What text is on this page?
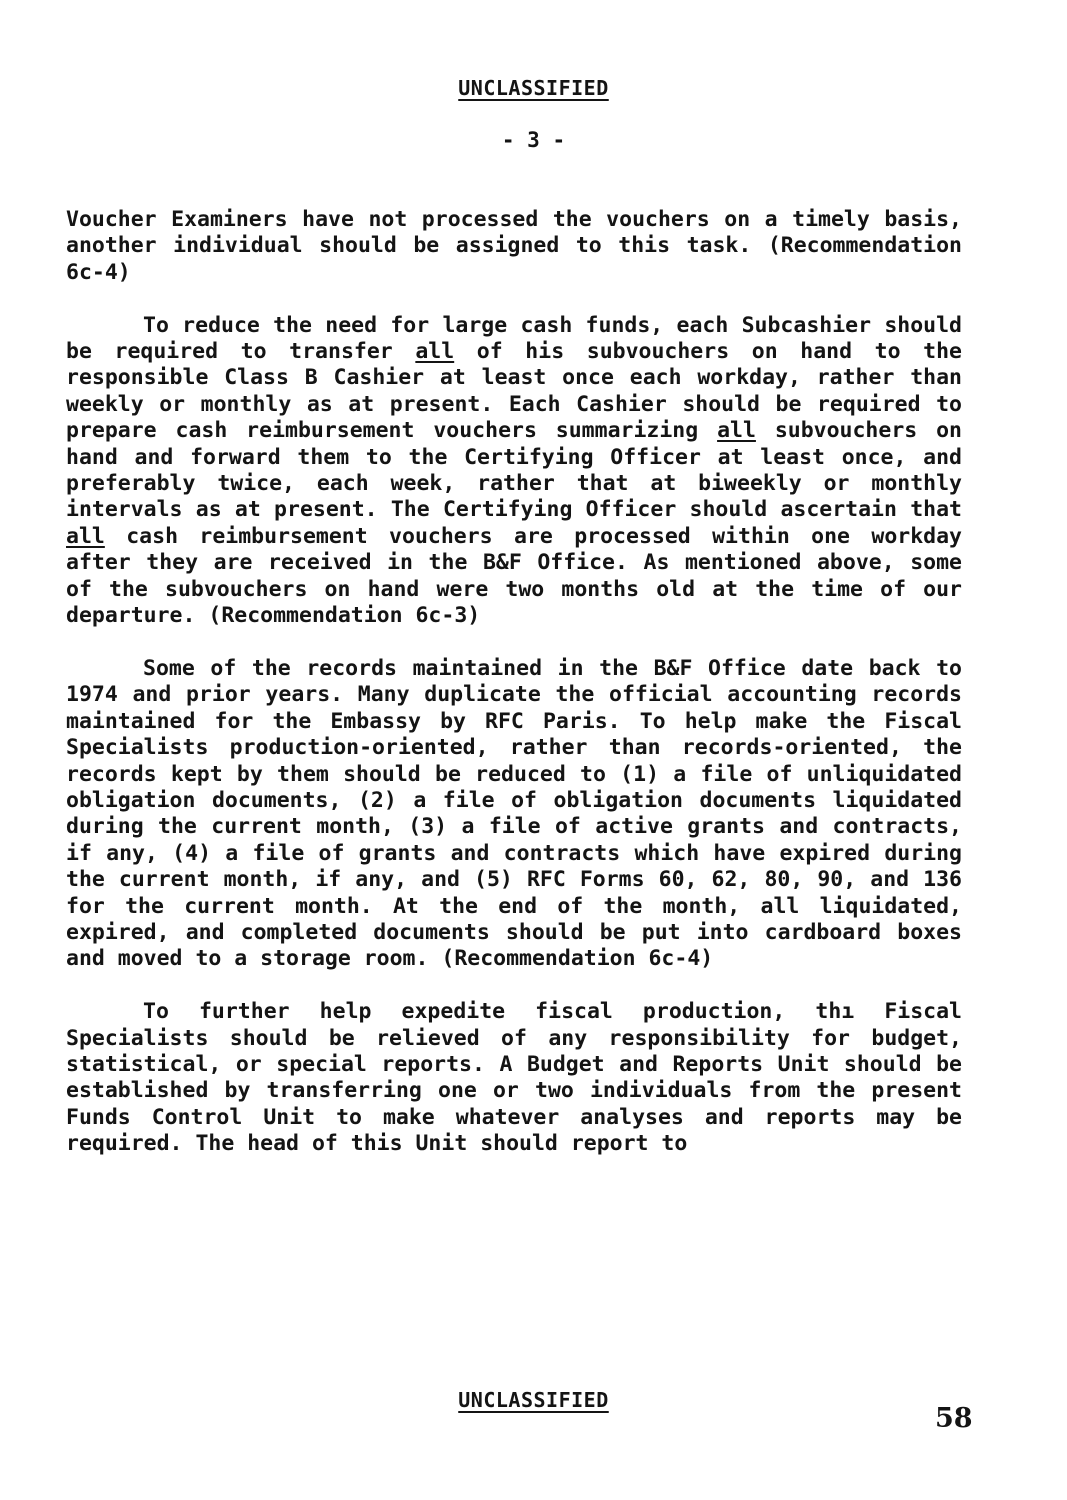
UNCLASSIFIED
- 3 -

Voucher Examiners have not processed the vouchers on a timely basis, another individual should be assigned to this task. (Recommendation 6c-4)

To reduce the need for large cash funds, each Subcashier should be required to transfer all of his subvouchers on hand to the responsible Class B Cashier at least once each workday, rather than weekly or monthly as at present. Each Cashier should be required to prepare cash reimbursement vouchers summarizing all subvouchers on hand and forward them to the Certifying Officer at least once, and preferably twice, each week, rather that at biweekly or monthly intervals as at present. The Certifying Officer should ascertain that all cash reimbursement vouchers are processed within one workday after they are received in the B&F Office. As mentioned above, some of the subvouchers on hand were two months old at the time of our departure. (Recommendation 6c-3)

Some of the records maintained in the B&F Office date back to 1974 and prior years. Many duplicate the official accounting records maintained for the Embassy by RFC Paris. To help make the Fiscal Specialists production-oriented, rather than records-oriented, the records kept by them should be reduced to (1) a file of unliquidated obligation documents, (2) a file of obligation documents liquidated during the current month, (3) a file of active grants and contracts, if any, (4) a file of grants and contracts which have expired during the current month, if any, and (5) RFC Forms 60, 62, 80, 90, and 136 for the current month. At the end of the month, all liquidated, expired, and completed documents should be put into cardboard boxes and moved to a storage room. (Recommendation 6c-4)

To further help expedite fiscal production, thı Fiscal Specialists should be relieved of any responsibility for budget, statistical, or special reports. A Budget and Reports Unit should be established by transferring one or two individuals from the present Funds Control Unit to make whatever analyses and reports may be required. The head of this Unit should report to

UNCLASSIFIED
58
